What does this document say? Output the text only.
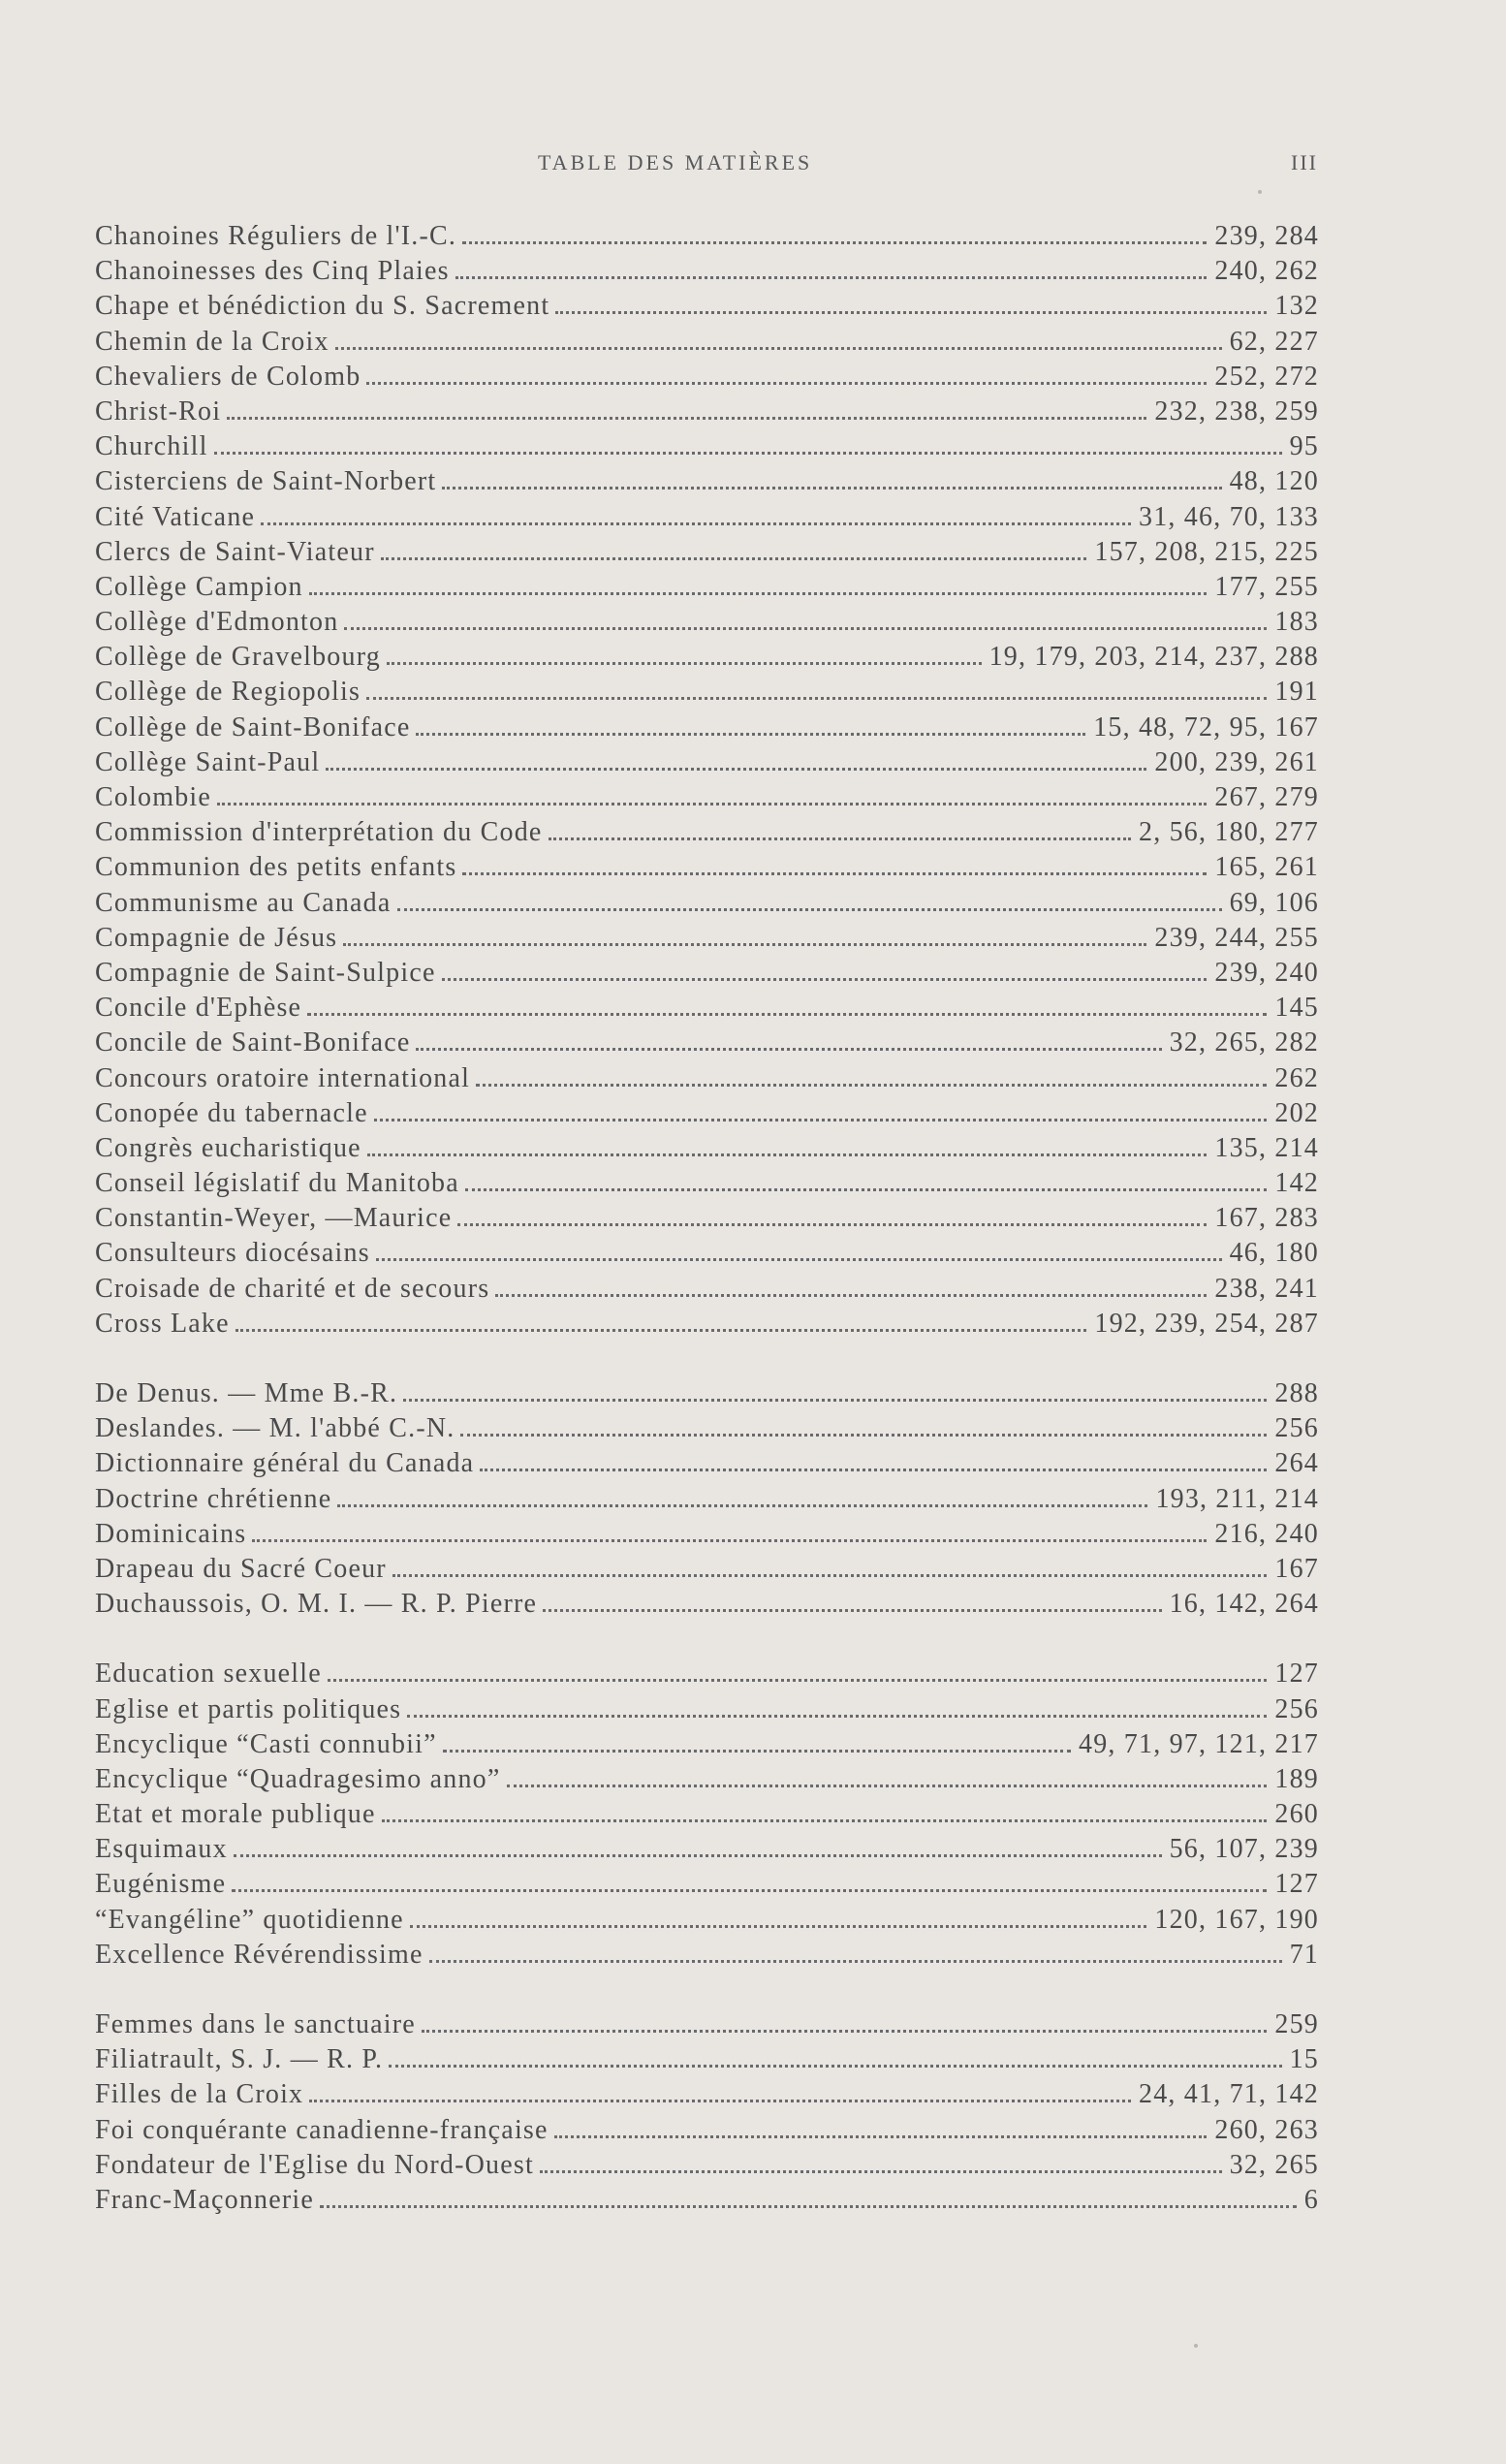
TABLE DES MATIÈRES	III
Chanoines Réguliers de l'I.-C.	239, 284
Chanoinesses des Cinq Plaies	240, 262
Chape et bénédiction du S. Sacrement	132
Chemin de la Croix	62, 227
Chevaliers de Colomb	252, 272
Christ-Roi	232, 238, 259
Churchill	95
Cisterciens de Saint-Norbert	48, 120
Cité Vaticane	31, 46, 70, 133
Clercs de Saint-Viateur	157, 208, 215, 225
Collège Campion	177, 255
Collège d'Edmonton	183
Collège de Gravelbourg	19, 179, 203, 214, 237, 288
Collège de Regiopolis	191
Collège de Saint-Boniface	15, 48, 72, 95, 167
Collège Saint-Paul	200, 239, 261
Colombie	267, 279
Commission d'interprétation du Code	2, 56, 180, 277
Communion des petits enfants	165, 261
Communisme au Canada	69, 106
Compagnie de Jésus	239, 244, 255
Compagnie de Saint-Sulpice	239, 240
Concile d'Ephèse	145
Concile de Saint-Boniface	32, 265, 282
Concours oratoire international	262
Conopée du tabernacle	202
Congrès eucharistique	135, 214
Conseil législatif du Manitoba	142
Constantin-Weyer, —Maurice	167, 283
Consulteurs diocésains	46, 180
Croisade de charité et de secours	238, 241
Cross Lake	192, 239, 254, 287
De Denus. — Mme B.-R.	288
Deslandes. — M. l'abbé C.-N.	256
Dictionnaire général du Canada	264
Doctrine chrétienne	193, 211, 214
Dominicains	216, 240
Drapeau du Sacré Coeur	167
Duchaussois, O. M. I. — R. P. Pierre	16, 142, 264
Education sexuelle	127
Eglise et partis politiques	256
Encyclique “Casti connubii”	49, 71, 97, 121, 217
Encyclique “Quadragesimo anno”	189
Etat et morale publique	260
Esquimaux	56, 107, 239
Eugénisme	127
“Evangéline” quotidienne	120, 167, 190
Excellence Révérendissime	71
Femmes dans le sanctuaire	259
Filiatrault, S. J. — R. P.	15
Filles de la Croix	24, 41, 71, 142
Foi conquérante canadienne-française	260, 263
Fondateur de l'Eglise du Nord-Ouest	32, 265
Franc-Maçonnerie	6
